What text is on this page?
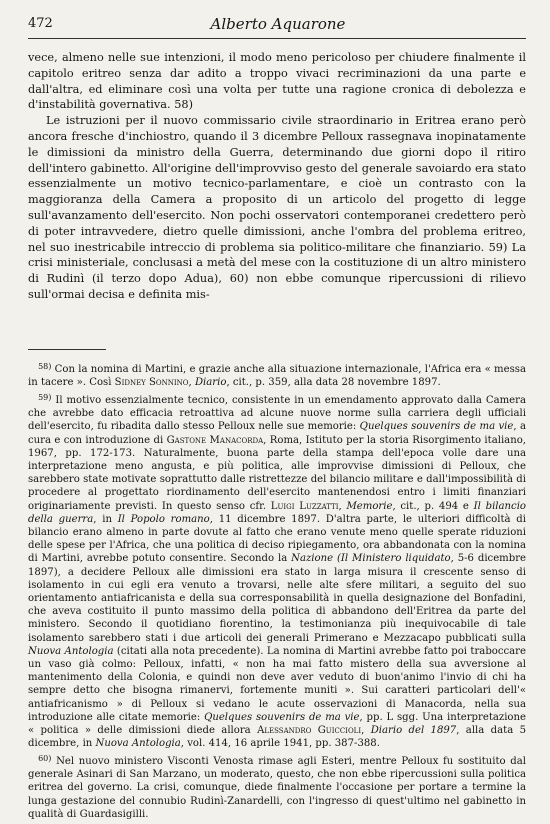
472	Alberto Aquarone

vece, almeno nelle sue intenzioni, il modo meno pericoloso per chiudere finalmente il capitolo eritreo senza dar adito a troppo vivaci recriminazioni da una parte e dall'altra, ed eliminare così una volta per tutte una ragione cronica di debolezza e d'instabilità governativa. 58)

Le istruzioni per il nuovo commissario civile straordinario in Eritrea erano però ancora fresche d'inchiostro, quando il 3 dicembre Pelloux rassegnava inopinatamente le dimissioni da ministro della Guerra, determinando due giorni dopo il ritiro dell'intero gabinetto. All'origine dell'improvviso gesto del generale savoiardo era stato essenzialmente un motivo tecnico-parlamentare, e cioè un contrasto con la maggioranza della Camera a proposito di un articolo del progetto di legge sull'avanzamento dell'esercito. Non pochi osservatori contemporanei credettero però di poter intravvedere, dietro quelle dimissioni, anche l'ombra del problema eritreo, nel suo inestricabile intreccio di problema sia politico-militare che finanziario. 59) La crisi ministeriale, conclusasi a metà del mese con la costituzione di un altro ministero di Rudinì (il terzo dopo Adua), 60) non ebbe comunque ripercussioni di rilievo sull'ormai decisa e definita mis-

 $^{58)}$ Con la nomina di Martini, e grazie anche alla situazione internazionale, l'Africa era « messa in tacere ». Così Sidney Sonnino, Diario, cit., p. 359, alla data 28 novembre 1897.

 $^{59)}$ Il motivo essenzialmente tecnico, consistente in un emendamento approvato dalla Camera che avrebbe dato efficacia retroattiva ad alcune nuove norme sulla carriera degli ufficiali dell'esercito, fu ribadita dallo stesso Pelloux nelle sue memorie: Quelques souvenirs de ma vie, a cura e con introduzione di Gastone Manacorda, Roma, Istituto per la storia Risorgimento italiano, 1967, pp. 172-173. Naturalmente, buona parte della stampa dell'epoca volle dare una interpretazione meno angusta, e più politica, alle improvvise dimissioni di Pelloux, che sarebbero state motivate soprattutto dalle ristrettezze del bilancio militare e dall'impossibilità di procedere al progettato riordinamento dell'esercito mantenendosi entro i limiti finanziari originariamente previsti. In questo senso cfr. Luigi Luzzatti, Memorie, cit., p. 494 e Il bilancio della guerra, in Il Popolo romano, 11 dicembre 1897. D'altra parte, le ulteriori difficoltà di bilancio erano almeno in parte dovute al fatto che erano venute meno quelle sperate riduzioni delle spese per l'Africa, che una politica di deciso ripiegamento, ora abbandonata con la nomina di Martini, avrebbe potuto consentire. Secondo la Nazione (Il Ministero liquidato, 5-6 dicembre 1897), a decidere Pelloux alle dimissioni era stato in larga misura il crescente senso di isolamento in cui egli era venuto a trovarsi, nelle alte sfere militari, a seguito del suo orientamento antiafricanista e della sua corresponsabilità in quella designazione del Bonfadini, che aveva costituito il punto massimo della politica di abbandono dell'Eritrea da parte del ministero. Secondo il quotidiano fiorentino, la testimonianza più inequivocabile di tale isolamento sarebbero stati i due articoli dei generali Primerano e Mezzacapo pubblicati sulla Nuova Antologia (citati alla nota precedente). La nomina di Martini avrebbe fatto poi traboccare un vaso già colmo: Pelloux, infatti, « non ha mai fatto mistero della sua avversione al mantenimento della Colonia, e quindi non deve aver veduto di buon'animo l'invio di chi ha sempre detto che bisogna rimanervi, fortemente muniti ». Sui caratteri particolari dell'« antiafricanismo » di Pelloux si vedano le acute osservazioni di Manacorda, nella sua introduzione alle citate memorie: Quelques souvenirs de ma vie, pp. L sgg. Una interpretazione « politica » delle dimissioni diede allora Alessandro Guiccioli, Diario del 1897, alla data 5 dicembre, in Nuova Antologia, vol. 414, 16 aprile 1941, pp. 387-388.

 $^{60)}$ Nel nuovo ministero Visconti Venosta rimase agli Esteri, mentre Pelloux fu sostituito dal generale Asinari di San Marzano, un moderato, questo, che non ebbe ripercussioni sulla politica eritrea del governo. La crisi, comunque, diede finalmente l'occasione per portare a termine la lunga gestazione del connubio Rudinì-Zanardelli, con l'ingresso di quest'ultimo nel gabinetto in qualità di Guardasigilli.
